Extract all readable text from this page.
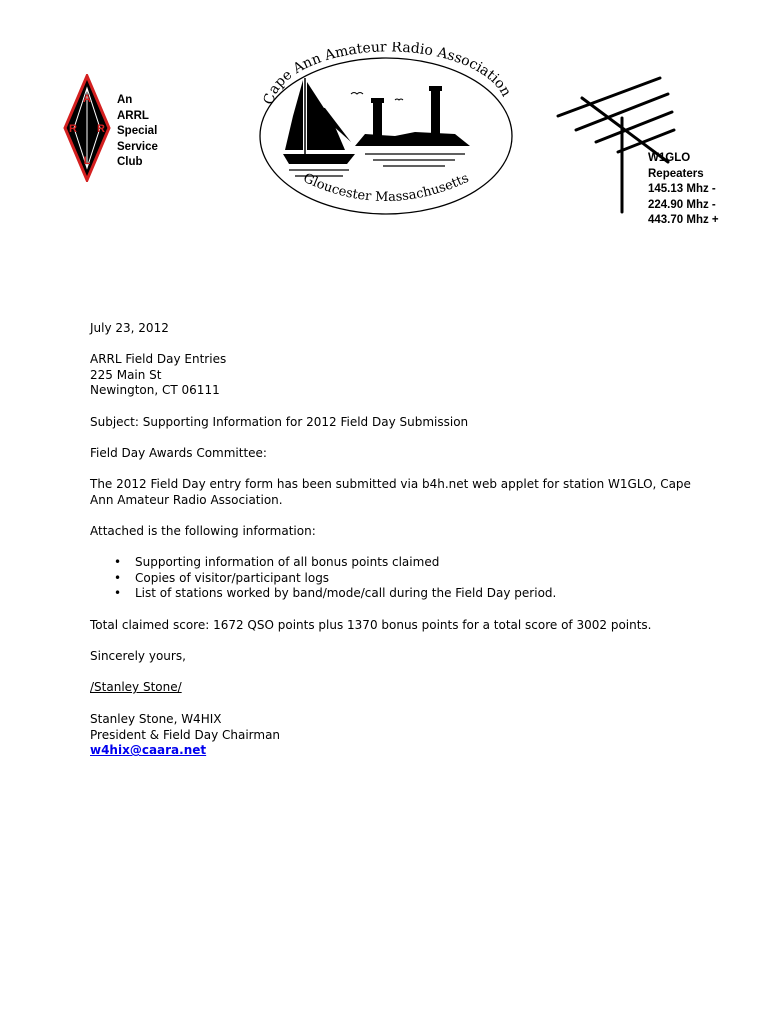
A
R R
L
An
ARRL
Special
Service
Club
Cape Ann Amateur Radio Association
Gloucester Massachusetts
W1GLO
Repeaters
145.13 Mhz -
224.90 Mhz -
443.70 Mhz +

July 23, 2012

ARRL Field Day Entries

225 Main St

Newington, CT 06111

Subject: Supporting Information for 2012 Field Day Submission

Field Day Awards Committee:

The 2012 Field Day entry form has been submitted via b4h.net web applet for station W1GLO, Cape Ann Amateur Radio Association.

Attached is the following information:

• Supporting information of all bonus points claimed
• Copies of visitor/participant logs
• List of stations worked by band/mode/call during the Field Day period.

Total claimed score: 1672 QSO points plus 1370 bonus points for a total score of 3002 points.

Sincerely yours,

/Stanley Stone/

Stanley Stone, W4HIX

President & Field Day Chairman

w4hix@caara.net
